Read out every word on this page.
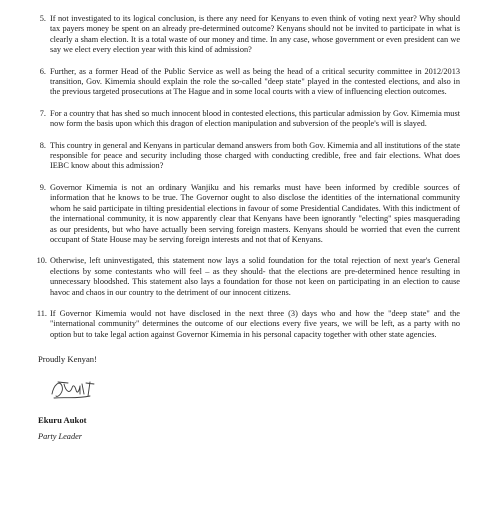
5. If not investigated to its logical conclusion, is there any need for Kenyans to even think of voting next year? Why should tax payers money be spent on an already pre-determined outcome? Kenyans should not be invited to participate in what is clearly a sham election. It is a total waste of our money and time. In any case, whose government or even president can we say we elect every election year with this kind of admission?
6. Further, as a former Head of the Public Service as well as being the head of a critical security committee in 2012/2013 transition, Gov. Kimemia should explain the role the so-called "deep state" played in the contested elections, and also in the previous targeted prosecutions at The Hague and in some local courts with a view of influencing election outcomes.
7. For a country that has shed so much innocent blood in contested elections, this particular admission by Gov. Kimemia must now form the basis upon which this dragon of election manipulation and subversion of the people's will is slayed.
8. This country in general and Kenyans in particular demand answers from both Gov. Kimemia and all institutions of the state responsible for peace and security including those charged with conducting credible, free and fair elections. What does IEBC know about this admission?
9. Governor Kimemia is not an ordinary Wanjiku and his remarks must have been informed by credible sources of information that he knows to be true. The Governor ought to also disclose the identities of the international community whom he said participate in tilting presidential elections in favour of some Presidential Candidates. With this indictment of the international community, it is now apparently clear that Kenyans have been ignorantly "electing" spies masquerading as our presidents, but who have actually been serving foreign masters. Kenyans should be worried that even the current occupant of State House may be serving foreign interests and not that of Kenyans.
10. Otherwise, left uninvestigated, this statement now lays a solid foundation for the total rejection of next year's General elections by some contestants who will feel – as they should- that the elections are pre-determined hence resulting in unnecessary bloodshed. This statement also lays a foundation for those not keen on participating in an election to cause havoc and chaos in our country to the detriment of our innocent citizens.
11. If Governor Kimemia would not have disclosed in the next three (3) days who and how the "deep state" and the "international community" determines the outcome of our elections every five years, we will be left, as a party with no option but to take legal action against Governor Kimemia in his personal capacity together with other state agencies.
Proudly Kenyan!
Ekuru Aukot
Party Leader
